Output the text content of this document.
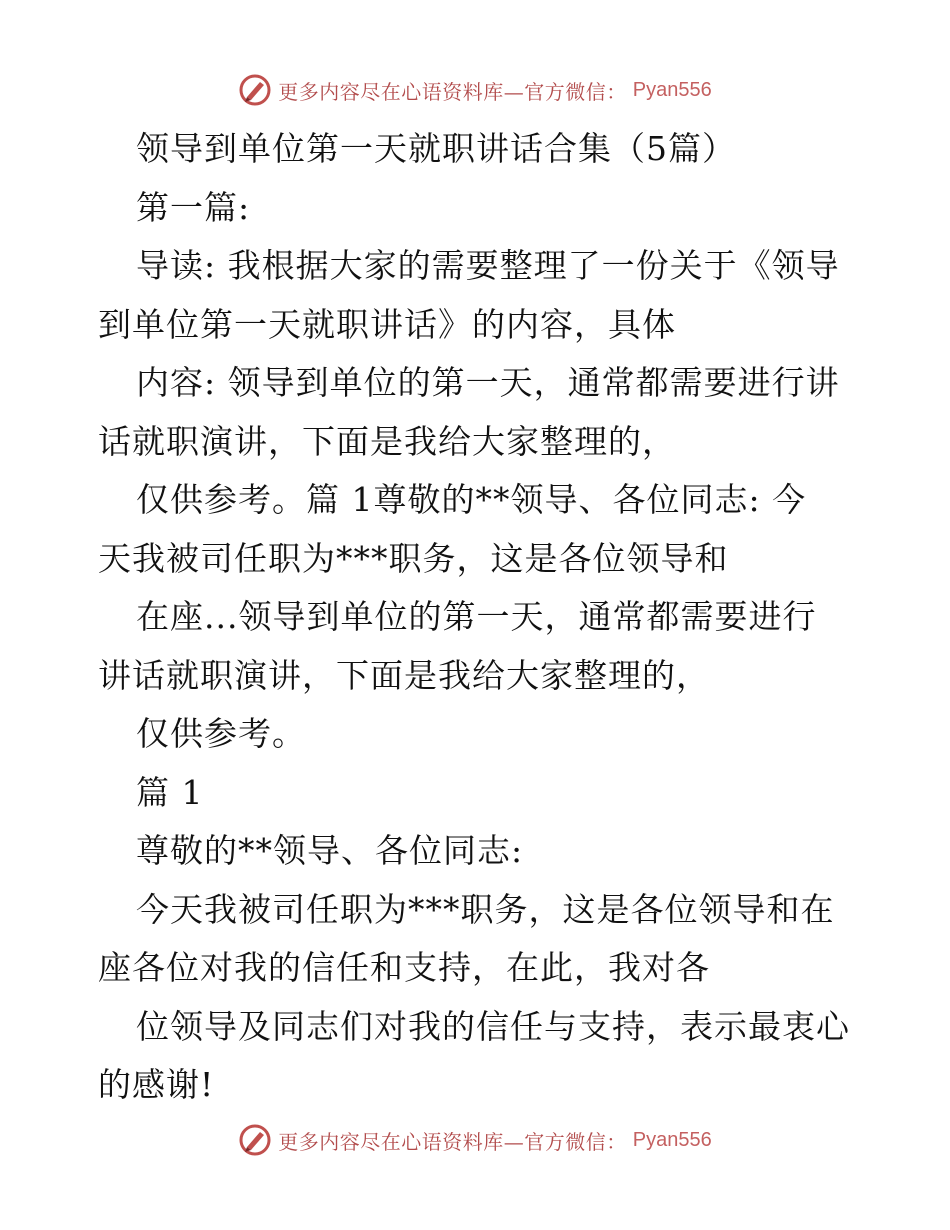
更多内容尽在心语资料库—官方微信： Pyan556
领导到单位第一天就职讲话合集（5篇）
第一篇:
导读: 我根据大家的需要整理了一份关于《领导
到单位第一天就职讲话》的内容，具体
内容: 领导到单位的第一天，通常都需要进行讲
话就职演讲，下面是我给大家整理的，
仅供参考。篇 1尊敬的**领导、各位同志: 今
天我被司任职为***职务，这是各位领导和
在座...领导到单位的第一天，通常都需要进行
讲话就职演讲，下面是我给大家整理的，
仅供参考。
篇 1
尊敬的**领导、各位同志:
今天我被司任职为***职务，这是各位领导和在
座各位对我的信任和支持，在此，我对各
位领导及同志们对我的信任与支持，表示最衷心
的感谢!
更多内容尽在心语资料库—官方微信： Pyan556
